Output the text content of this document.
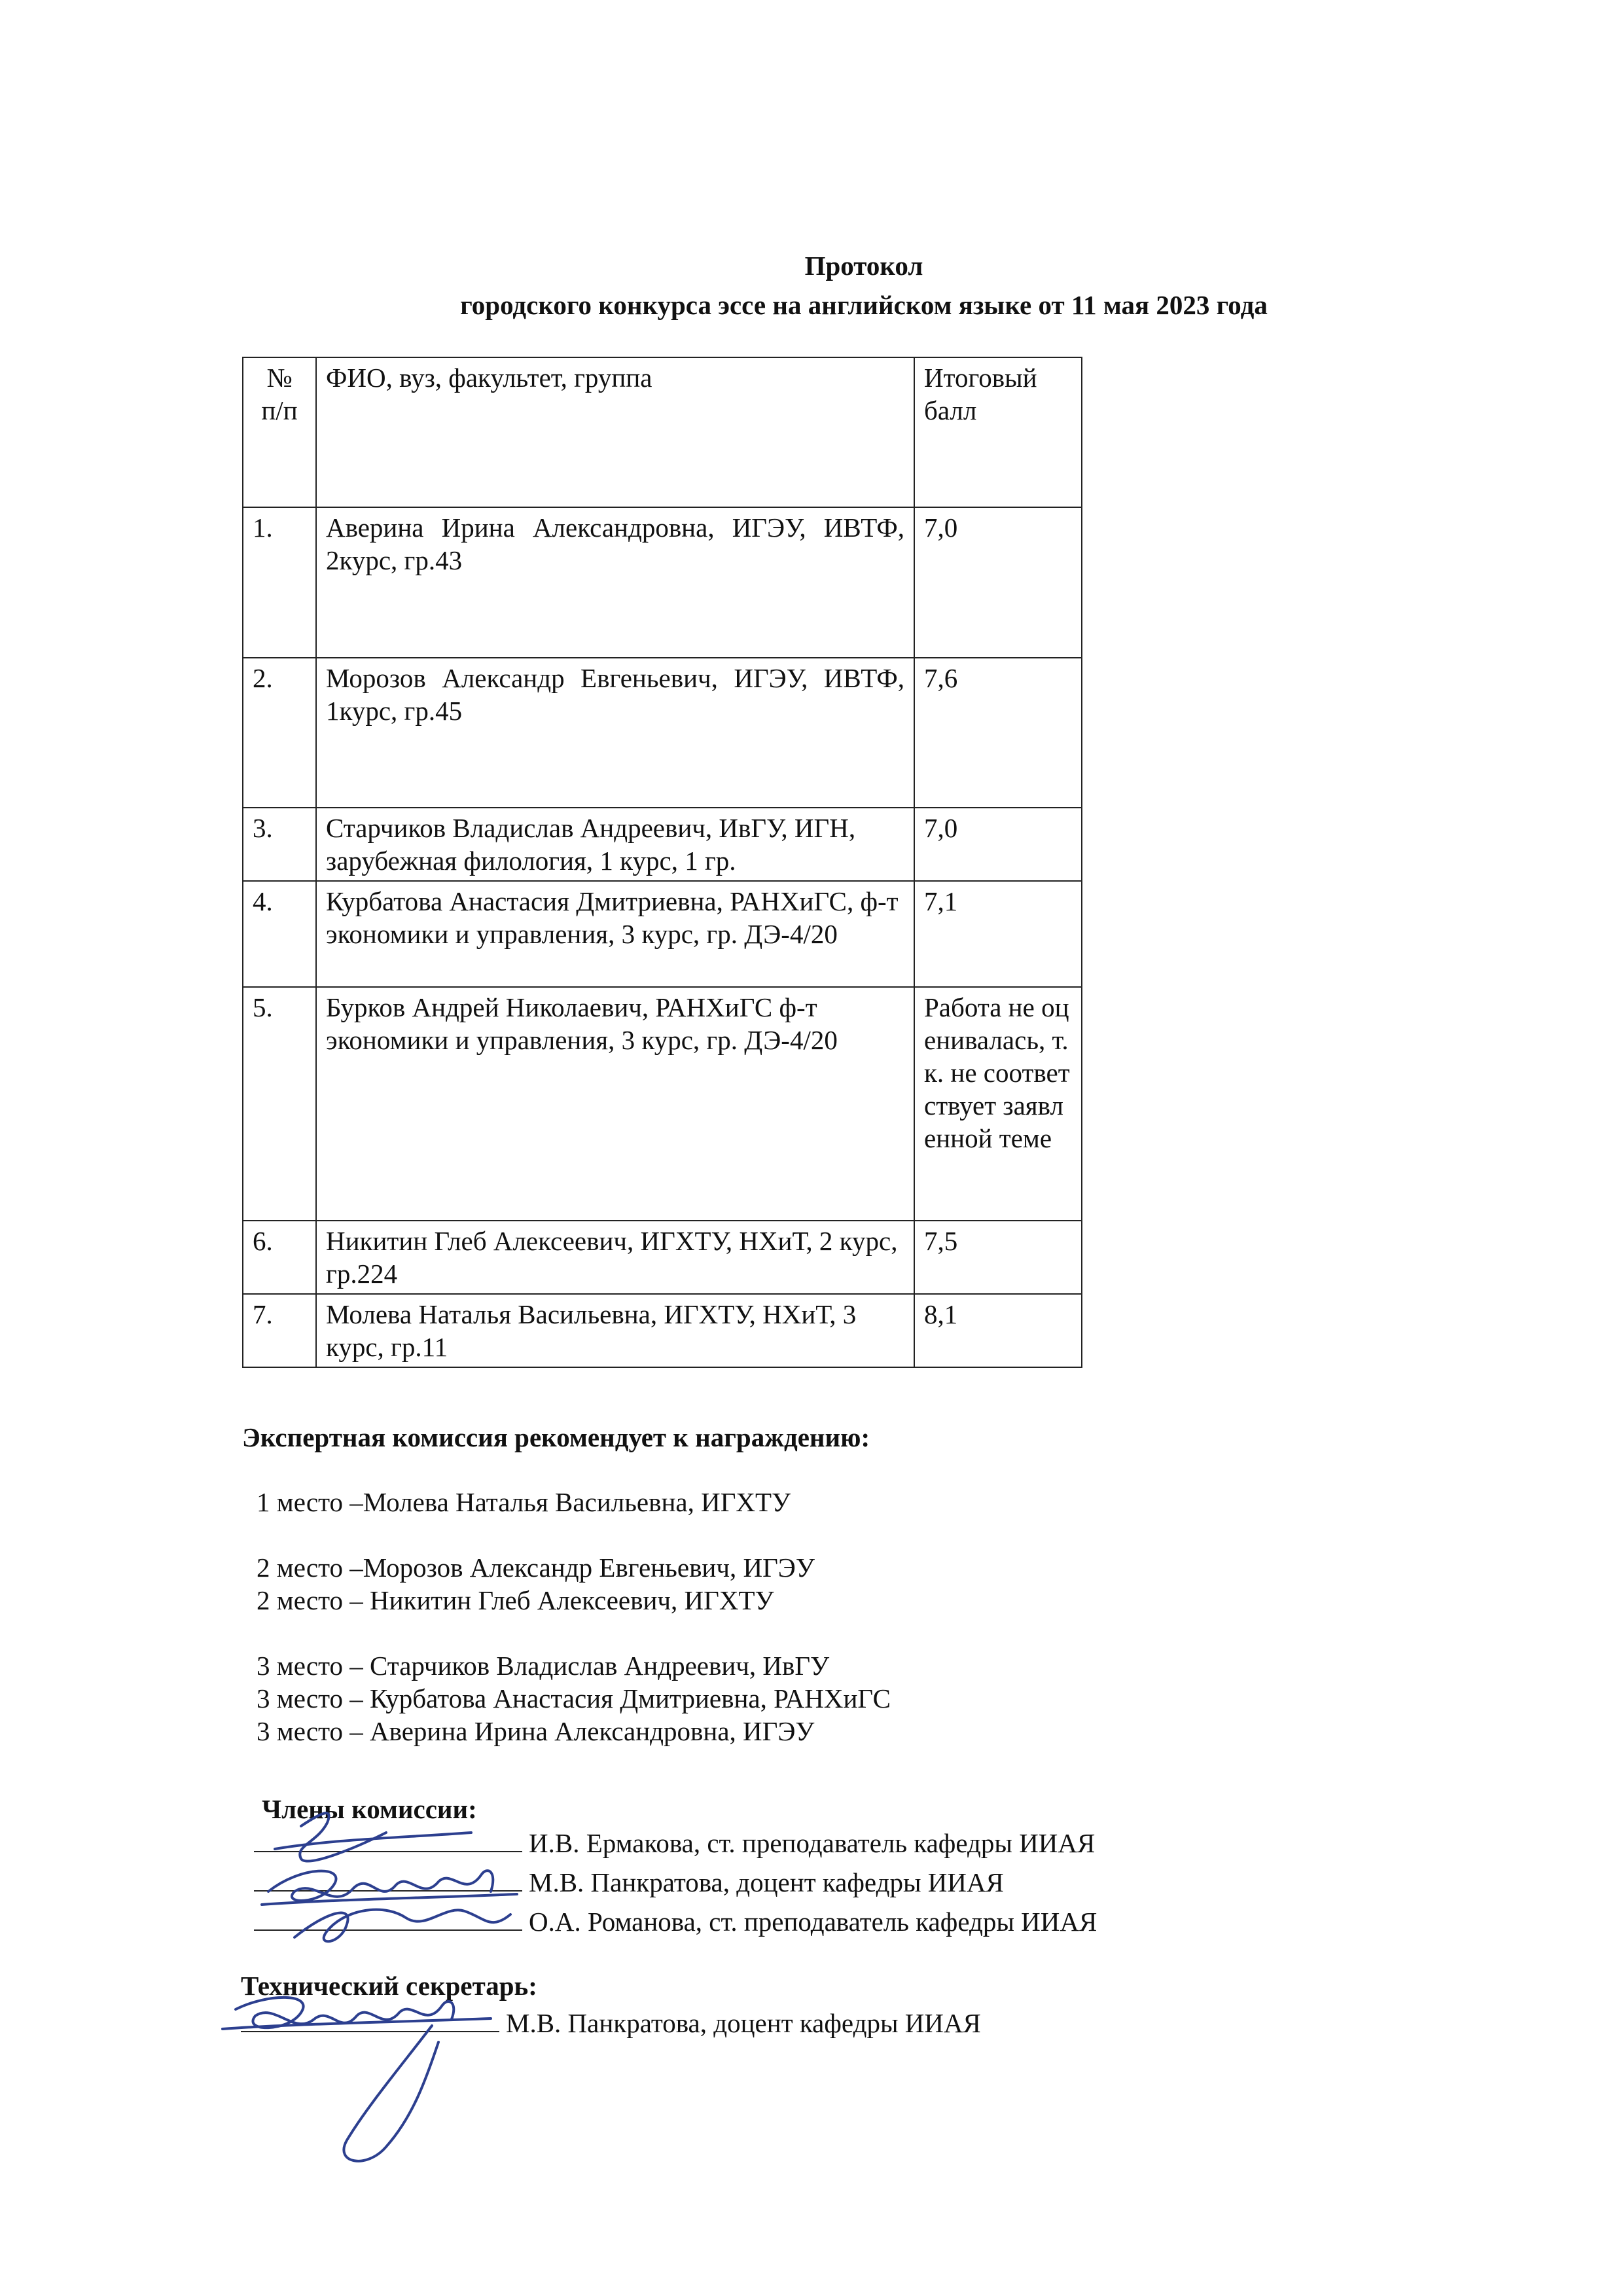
Протокол
городского конкурса эссе на английском языке от 11 мая 2023 года
№ п/п	ФИО, вуз, факультет, группа	Итоговый балл
1.	Аверина Ирина Александровна, ИГЭУ, ИВТФ, 2курс, гр.43	7,0
2.	Морозов Александр Евгеньевич, ИГЭУ, ИВТФ, 1курс, гр.45	7,6
3.	Старчиков Владислав Андреевич, ИвГУ, ИГН, зарубежная филология, 1 курс, 1 гр.	7,0
4.	Курбатова Анастасия Дмитриевна, РАНХиГС, ф-т экономики и управления, 3 курс, гр. ДЭ-4/20	7,1
5.	Бурков Андрей Николаевич, РАНХиГС ф-т экономики и управления, 3 курс, гр. ДЭ-4/20	Работа не оценивалась, т.к. не соответствует заявленной теме
6.	Никитин Глеб Алексеевич, ИГХТУ, НХиТ, 2 курс, гр.224	7,5
7.	Молева Наталья Васильевна, ИГХТУ, НХиТ, 3 курс, гр.11	8,1
Экспертная комиссия рекомендует к награждению:
1 место –Молева Наталья Васильевна, ИГХТУ
2 место –Морозов Александр Евгеньевич, ИГЭУ
2 место – Никитин Глеб Алексеевич, ИГХТУ
3 место – Старчиков Владислав Андреевич, ИвГУ
3 место – Курбатова Анастасия Дмитриевна, РАНХиГС
3 место – Аверина Ирина Александровна, ИГЭУ
Члены комиссии:
И.В. Ермакова, ст. преподаватель кафедры ИИАЯ
М.В. Панкратова, доцент кафедры ИИАЯ
О.А. Романова, ст. преподаватель кафедры ИИАЯ
Технический секретарь:
М.В. Панкратова, доцент кафедры ИИАЯ
